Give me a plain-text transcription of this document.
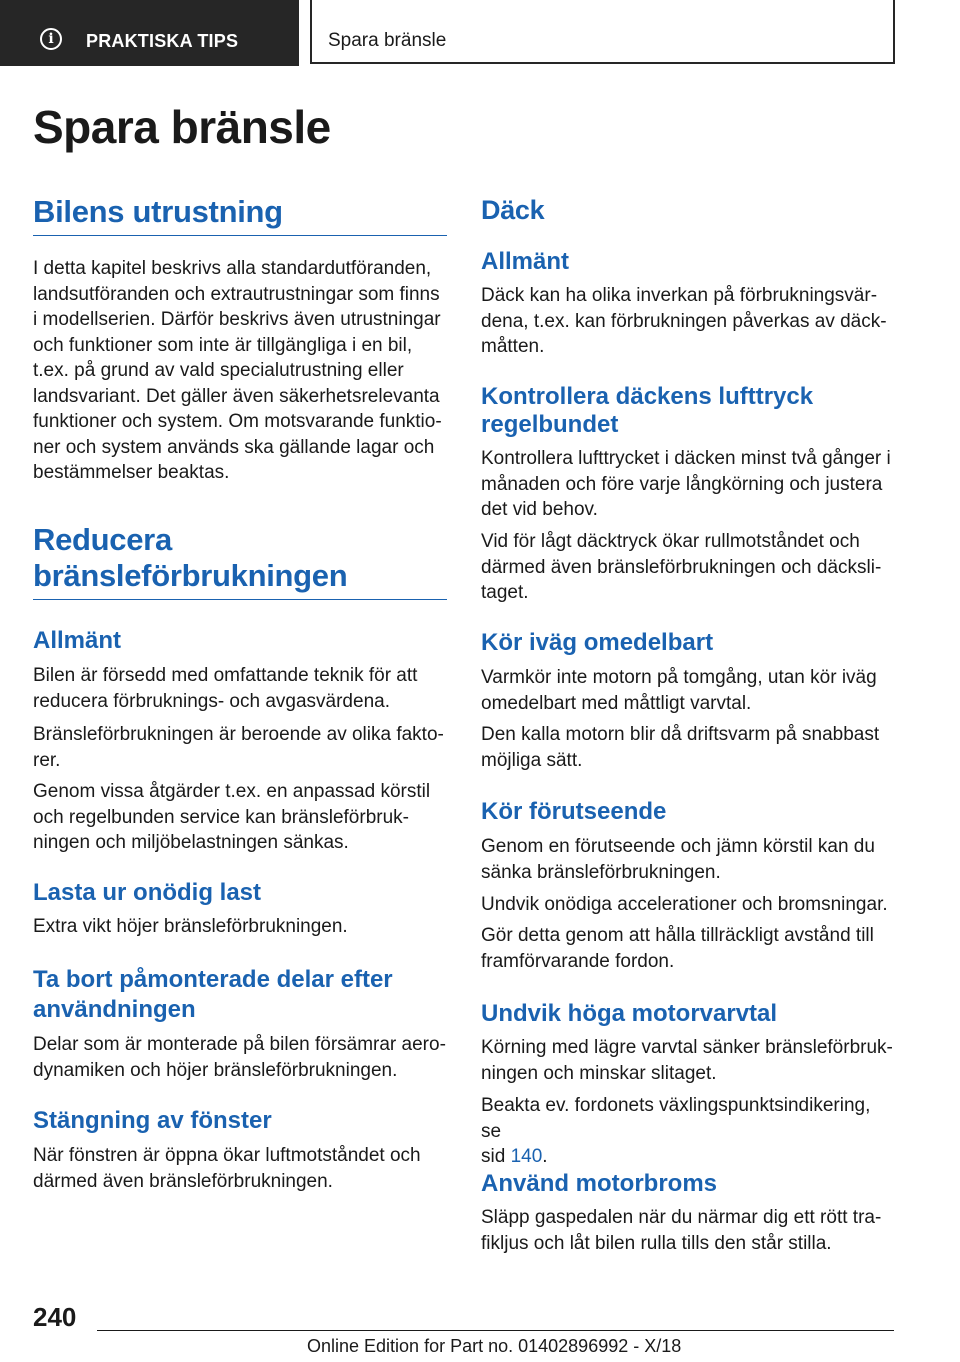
i	PRAKTISKA TIPS	Spara bränsle
Spara bränsle
Bilens utrustning

I detta kapitel beskrivs alla standardutföranden,
landsutföranden och extrautrustningar som finns
i modellserien. Därför beskrivs även utrustningar
och funktioner som inte är tillgängliga i en bil,
t.ex. på grund av vald specialutrustning eller
landsvariant. Det gäller även säkerhetsrelevanta
funktioner och system. Om motsvarande funktio-
ner och system används ska gällande lagar och
bestämmelser beaktas.

Reducera
bränsleförbrukningen
Allmänt

Bilen är försedd med omfattande teknik för att
reducera förbruknings- och avgasvärdena.

Bränsleförbrukningen är beroende av olika fakto-
rer.

Genom vissa åtgärder t.ex. en anpassad körstil
och regelbunden service kan bränsleförbruk-
ningen och miljöbelastningen sänkas.

Lasta ur onödig last

Extra vikt höjer bränsleförbrukningen.

Ta bort påmonterade delar efter
användningen

Delar som är monterade på bilen försämrar aero-
dynamiken och höjer bränsleförbrukningen.

Stängning av fönster

När fönstren är öppna ökar luftmotståndet och
därmed även bränsleförbrukningen.

Däck
Allmänt

Däck kan ha olika inverkan på förbrukningsvär-
dena, t.ex. kan förbrukningen påverkas av däck-
måtten.

Kontrollera däckens lufttryck
regelbundet

Kontrollera lufttrycket i däcken minst två gånger i
månaden och före varje långkörning och justera
det vid behov.

Vid för lågt däcktryck ökar rullmotståndet och
därmed även bränsleförbrukningen och däcksli-
taget.

Kör iväg omedelbart

Varmkör inte motorn på tomgång, utan kör iväg
omedelbart med måttligt varvtal.

Den kalla motorn blir då driftsvarm på snabbast
möjliga sätt.

Kör förutseende

Genom en förutseende och jämn körstil kan du
sänka bränsleförbrukningen.

Undvik onödiga accelerationer och bromsningar.

Gör detta genom att hålla tillräckligt avstånd till
framförvarande fordon.

Undvik höga motorvarvtal

Körning med lägre varvtal sänker bränsleförbruk-
ningen och minskar slitaget.

Beakta ev. fordonets växlingspunktsindikering, se
sid 140.

Använd motorbroms

Släpp gaspedalen när du närmar dig ett rött tra-
fikljus och låt bilen rulla tills den står stilla.

240
Online Edition for Part no. 01402896992 - X/18
